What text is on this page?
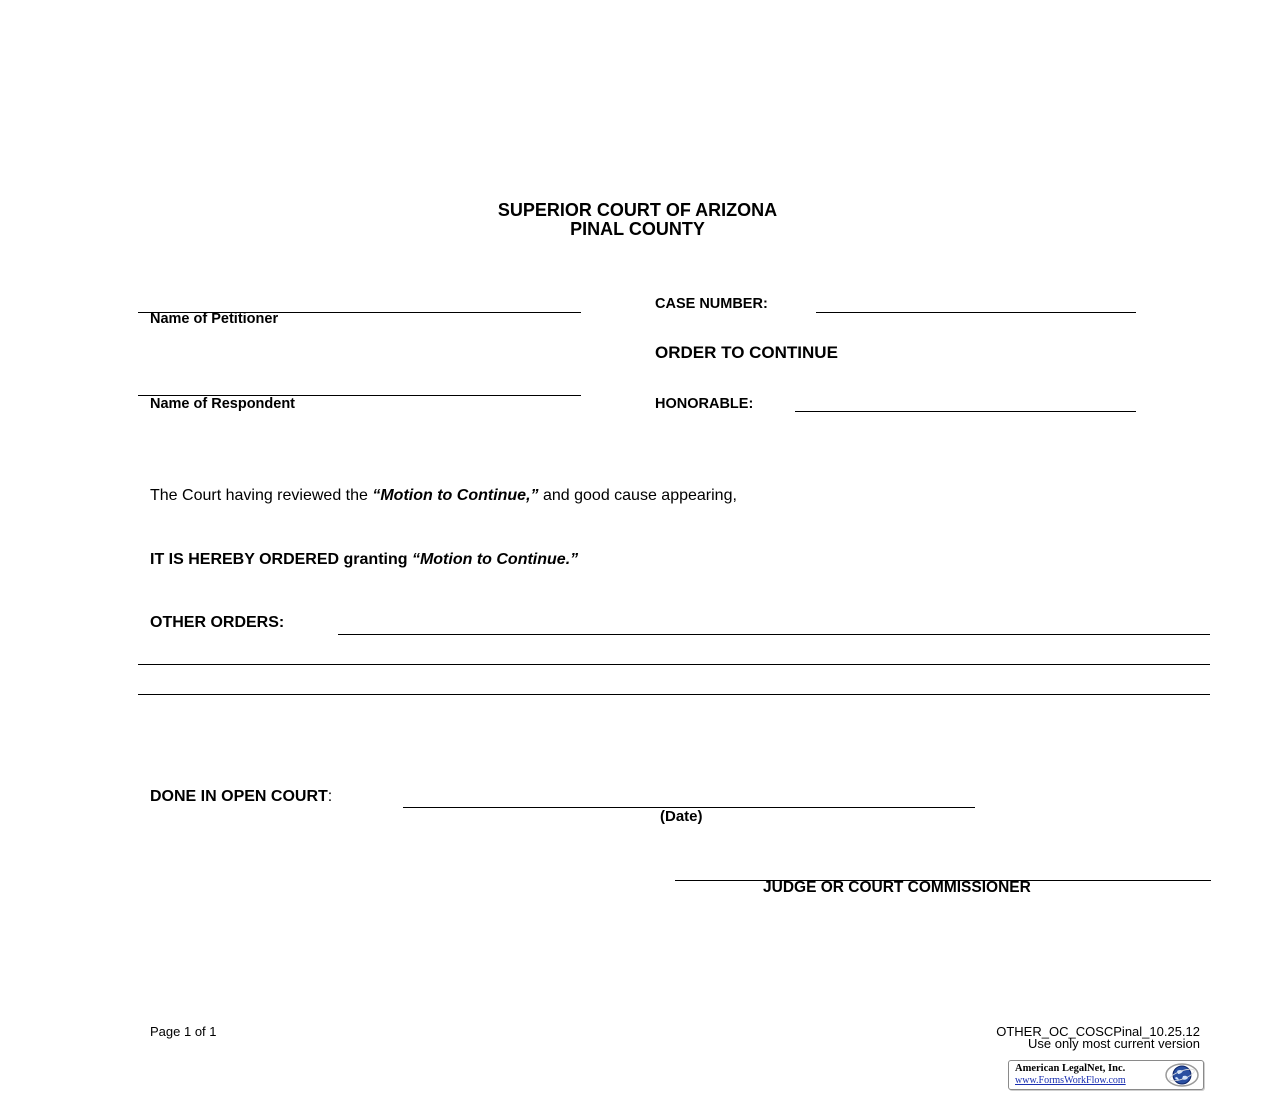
SUPERIOR COURT OF ARIZONA
PINAL COUNTY
Name of Petitioner
CASE NUMBER:
ORDER TO CONTINUE
Name of Respondent	HONORABLE:
The Court having reviewed the “Motion to Continue,” and good cause appearing,
IT IS HEREBY ORDERED granting “Motion to Continue.”
OTHER ORDERS:
DONE IN OPEN COURT:
(Date)
JUDGE OR COURT COMMISSIONER
Page 1 of 1	OTHER_OC_COSCPinal_10.25.12
Use only most current version
American LegalNet, Inc.
www.FormsWorkFlow.com
